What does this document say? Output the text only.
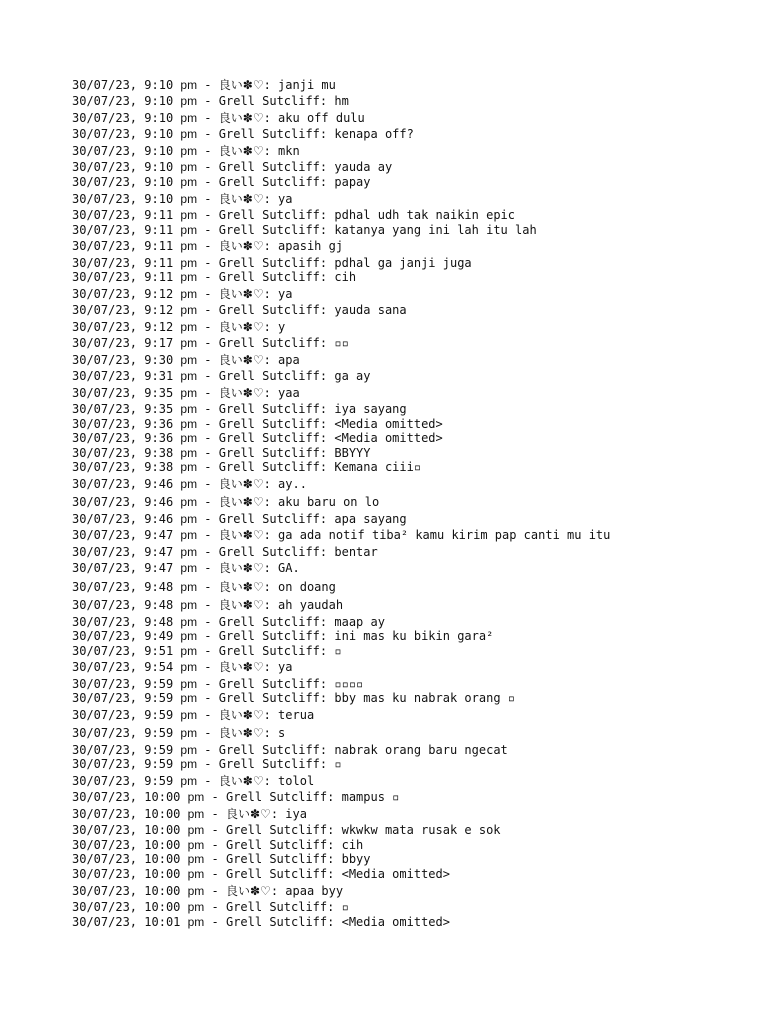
30/07/23, 9:10 pm - 良い✽♡: janji mu
30/07/23, 9:10 pm - Grell Sutcliff: hm
30/07/23, 9:10 pm - 良い✽♡: aku off dulu
30/07/23, 9:10 pm - Grell Sutcliff: kenapa off?
30/07/23, 9:10 pm - 良い✽♡: mkn
30/07/23, 9:10 pm - Grell Sutcliff: yauda ay
30/07/23, 9:10 pm - Grell Sutcliff: papay
30/07/23, 9:10 pm - 良い✽♡: ya
30/07/23, 9:11 pm - Grell Sutcliff: pdhal udh tak naikin epic
30/07/23, 9:11 pm - Grell Sutcliff: katanya yang ini lah itu lah
30/07/23, 9:11 pm - 良い✽♡: apasih gj
30/07/23, 9:11 pm - Grell Sutcliff: pdhal ga janji juga
30/07/23, 9:11 pm - Grell Sutcliff: cih
30/07/23, 9:12 pm - 良い✽♡: ya
30/07/23, 9:12 pm - Grell Sutcliff: yauda sana
30/07/23, 9:12 pm - 良い✽♡: y
30/07/23, 9:17 pm - Grell Sutcliff: ▫▫
30/07/23, 9:30 pm - 良い✽♡: apa
30/07/23, 9:31 pm - Grell Sutcliff: ga ay
30/07/23, 9:35 pm - 良い✽♡: yaa
30/07/23, 9:35 pm - Grell Sutcliff: iya sayang
30/07/23, 9:36 pm - Grell Sutcliff: <Media omitted>
30/07/23, 9:36 pm - Grell Sutcliff: <Media omitted>
30/07/23, 9:38 pm - Grell Sutcliff: BBYYY
30/07/23, 9:38 pm - Grell Sutcliff: Kemana ciii▫
30/07/23, 9:46 pm - 良い✽♡: ay..
30/07/23, 9:46 pm - 良い✽♡: aku baru on lo
30/07/23, 9:46 pm - Grell Sutcliff: apa sayang
30/07/23, 9:47 pm - 良い✽♡: ga ada notif tiba² kamu kirim pap canti mu itu
30/07/23, 9:47 pm - Grell Sutcliff: bentar
30/07/23, 9:47 pm - 良い✽♡: GA.
30/07/23, 9:48 pm - 良い✽♡: on doang
30/07/23, 9:48 pm - 良い✽♡: ah yaudah
30/07/23, 9:48 pm - Grell Sutcliff: maap ay
30/07/23, 9:49 pm - Grell Sutcliff: ini mas ku bikin gara²
30/07/23, 9:51 pm - Grell Sutcliff: ▫
30/07/23, 9:54 pm - 良い✽♡: ya
30/07/23, 9:59 pm - Grell Sutcliff: ▫▫▫▫
30/07/23, 9:59 pm - Grell Sutcliff: bby mas ku nabrak orang ▫
30/07/23, 9:59 pm - 良い✽♡: terua
30/07/23, 9:59 pm - 良い✽♡: s
30/07/23, 9:59 pm - Grell Sutcliff: nabrak orang baru ngecat
30/07/23, 9:59 pm - Grell Sutcliff: ▫
30/07/23, 9:59 pm - 良い✽♡: tolol
30/07/23, 10:00 pm - Grell Sutcliff: mampus ▫
30/07/23, 10:00 pm - 良い✽♡: iya
30/07/23, 10:00 pm - Grell Sutcliff: wkwkw mata rusak e sok
30/07/23, 10:00 pm - Grell Sutcliff: cih
30/07/23, 10:00 pm - Grell Sutcliff: bbyy
30/07/23, 10:00 pm - Grell Sutcliff: <Media omitted>
30/07/23, 10:00 pm - 良い✽♡: apaa byy
30/07/23, 10:00 pm - Grell Sutcliff: ▫
30/07/23, 10:01 pm - Grell Sutcliff: <Media omitted>
